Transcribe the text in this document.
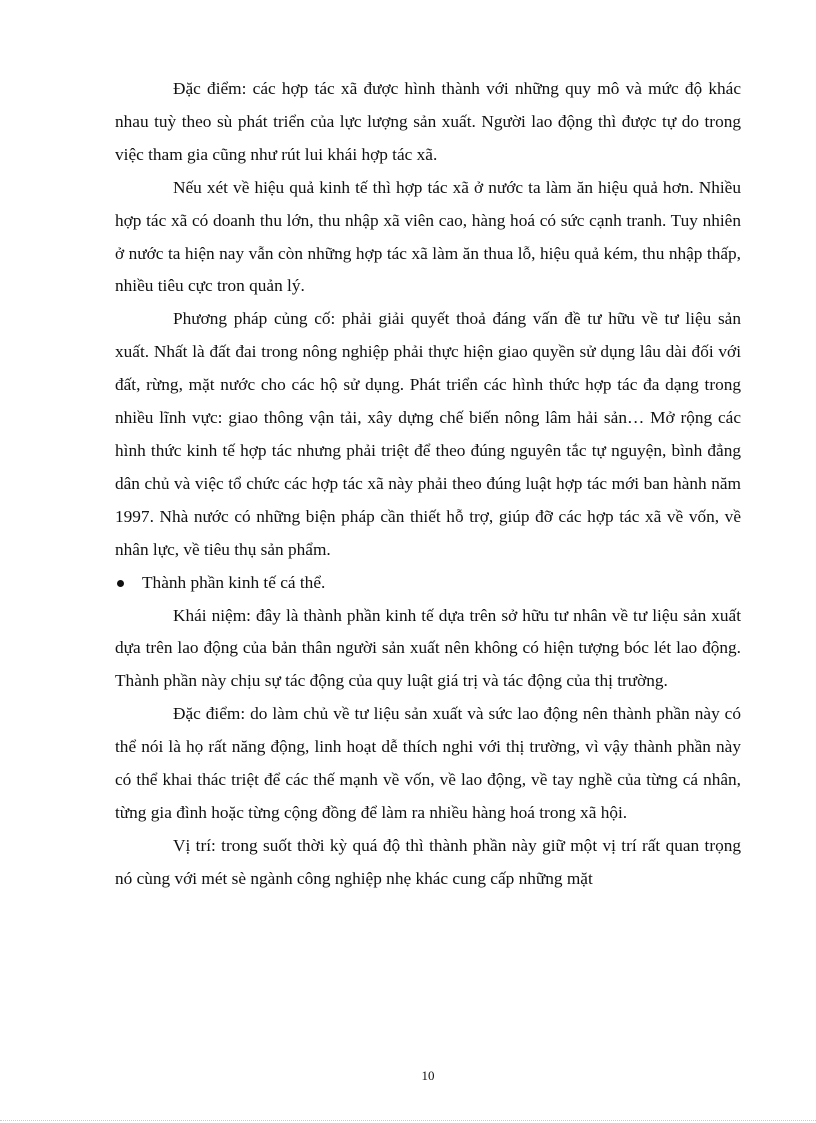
Đặc điểm: các hợp tác xã được hình thành với những quy mô và mức độ khác nhau tuỳ theo sù phát triển của lực lượng sản xuất. Người lao động thì được tự do trong việc tham gia cũng như rút lui khái hợp tác xã.

Nếu xét về hiệu quả kinh tế thì hợp tác xã ở nước ta làm ăn hiệu quả hơn. Nhiều hợp tác xã có doanh thu lớn, thu nhập xã viên cao, hàng hoá có sức cạnh tranh. Tuy nhiên ở nước ta hiện nay vẫn còn những hợp tác xã làm ăn thua lỗ, hiệu quả kém, thu nhập thấp, nhiều tiêu cực tron quản lý.

Phương pháp củng cố: phải giải quyết thoả đáng vấn đề tư hữu về tư liệu sản xuất. Nhất là đất đai trong nông nghiệp phải thực hiện giao quyền sử dụng lâu dài đối với đất, rừng, mặt nước cho các hộ sử dụng. Phát triển các hình thức hợp tác đa dạng trong nhiều lĩnh vực: giao thông vận tải, xây dựng chế biến nông lâm hải sản… Mở rộng các hình thức kinh tế hợp tác nhưng phải triệt để theo đúng nguyên tắc tự nguyện, bình đẳng dân chủ và việc tổ chức các hợp tác xã này phải theo đúng luật hợp tác mới ban hành năm 1997. Nhà nước có những biện pháp cần thiết hỗ trợ, giúp đỡ các hợp tác xã về vốn, về nhân lực, về tiêu thụ sản phẩm.

Thành phần kinh tế cá thể.

Khái niệm: đây là thành phần kinh tế dựa trên sở hữu tư nhân về tư liệu sản xuất dựa trên lao động của bản thân người sản xuất nên không có hiện tượng bóc lét lao động. Thành phần này chịu sự tác động của quy luật giá trị và tác động của thị trường.

Đặc điểm: do làm chủ về tư liệu sản xuất và sức lao động nên thành phần này có thể nói là họ rất năng động, linh hoạt dễ thích nghi với thị trường, vì vậy thành phần này có thể khai thác triệt để các thế mạnh về vốn, về lao động, về tay nghề của từng cá nhân, từng gia đình hoặc từng cộng đồng để làm ra nhiều hàng hoá trong xã hội.

Vị trí: trong suốt thời kỳ quá độ thì thành phần này giữ một vị trí rất quan trọng nó cùng với mét sè ngành công nghiệp nhẹ khác cung cấp những mặt

10
